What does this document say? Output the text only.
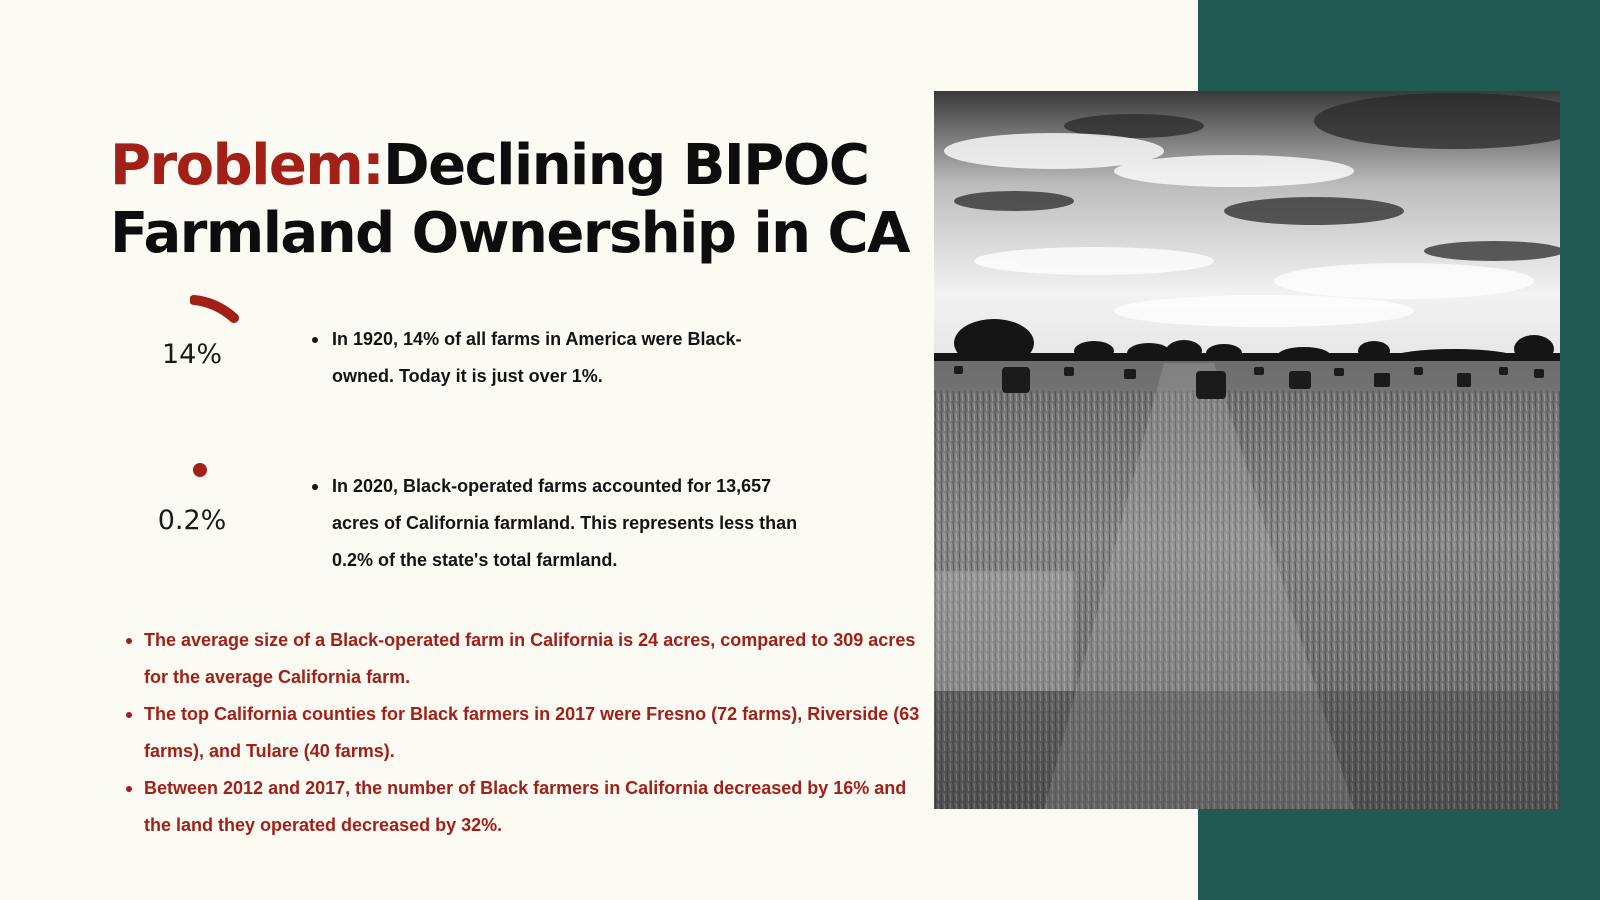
Problem:Declining BIPOC Farmland Ownership in CA
14%	In 1920, 14% of all farms in America were Black-owned. Today it is just over 1%.
0.2%
In 2020, Black-operated farms accounted for 13,657 acres of California farmland. This represents less than 0.2% of the state's total farmland.
The average size of a Black-operated farm in California is 24 acres, compared to 309 acres for the average California farm.
The top California counties for Black farmers in 2017 were Fresno (72 farms), Riverside (63 farms), and Tulare (40 farms).
Between 2012 and 2017, the number of Black farmers in California decreased by 16% and the land they operated decreased by 32%.
